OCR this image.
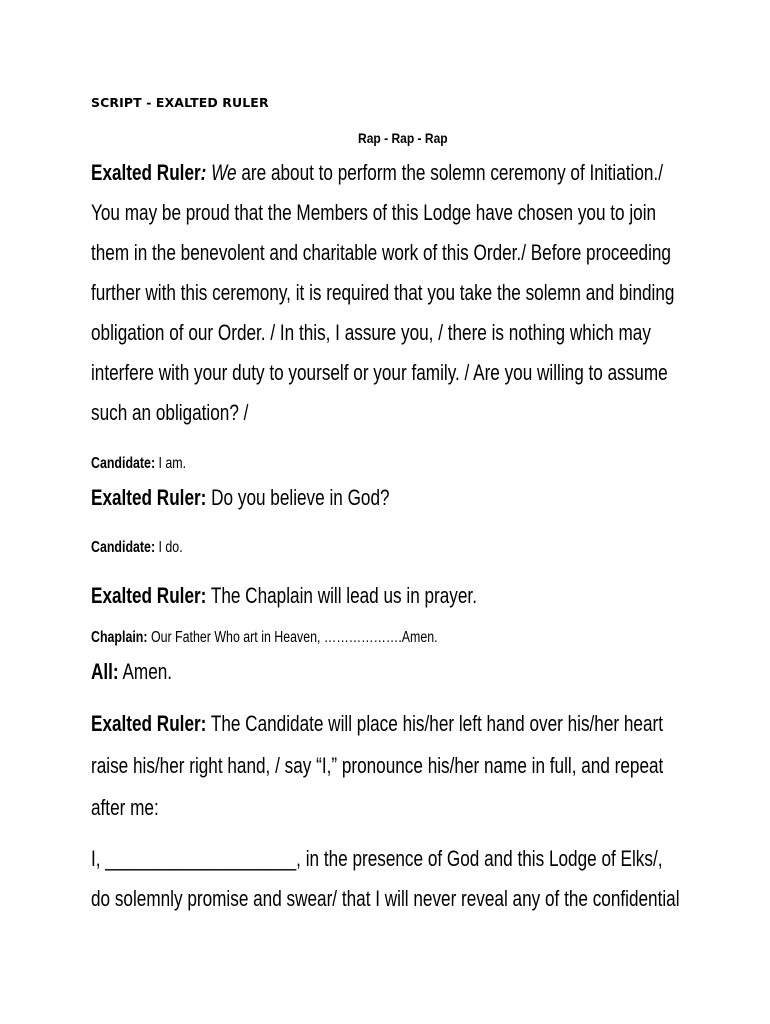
SCRIPT - EXALTED RULER
Rap - Rap - Rap
Exalted Ruler: We are about to perform the solemn ceremony of Initiation./
You may be proud that the Members of this Lodge have chosen you to join
them in the benevolent and charitable work of this Order./ Before proceeding
further with this ceremony, it is required that you take the solemn and binding
obligation of our Order. / In this, I assure you, / there is nothing which may
interfere with your duty to yourself or your family. / Are you willing to assume
such an obligation? /
Candidate: I am.
Exalted Ruler: Do you believe in God?
Candidate: I do.
Exalted Ruler: The Chaplain will lead us in prayer.
Chaplain: Our Father Who art in Heaven, ……………….Amen.
All: Amen.
Exalted Ruler: The Candidate will place his/her left hand over his/her heart
raise his/her right hand, / say “I,” pronounce his/her name in full, and repeat
after me:
I, ____________________, in the presence of God and this Lodge of Elks/,
do solemnly promise and swear/ that I will never reveal any of the confidential
